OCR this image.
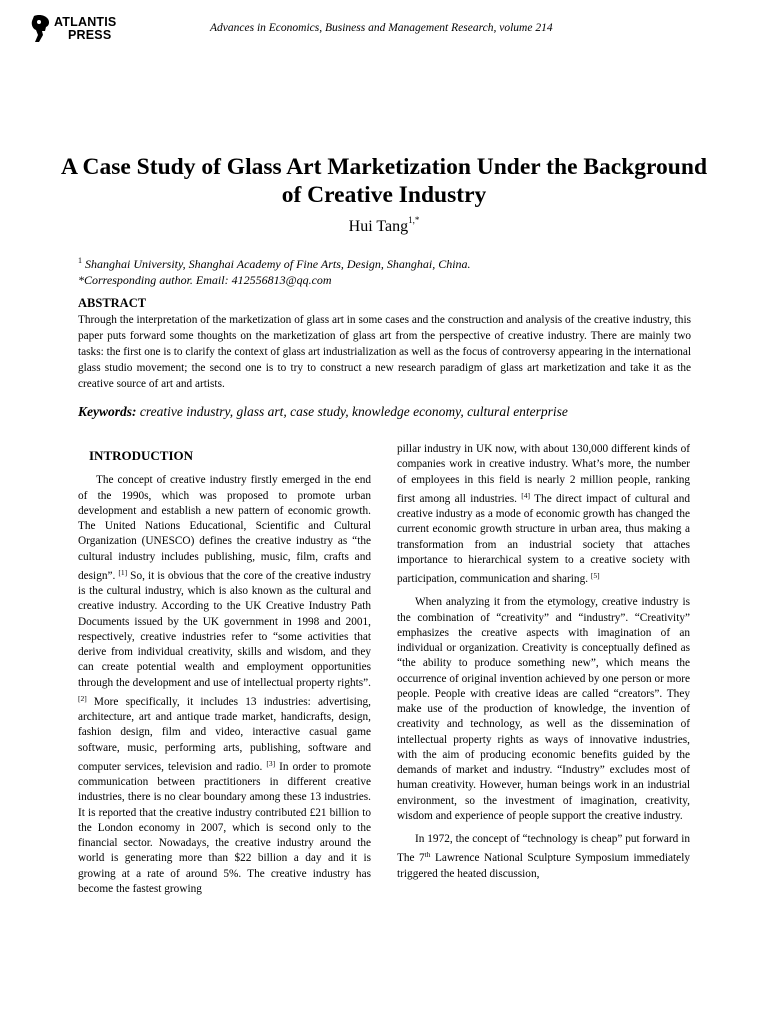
ATLANTIS
PRESS	Advances in Economics, Business and Management Research, volume 214
A Case Study of Glass Art Marketization Under the Background of Creative Industry
Hui Tang$^{1,*}$
$^1$ Shanghai University, Shanghai Academy of Fine Arts, Design, Shanghai, China.
*Corresponding author. Email: 412556813@qq.com
ABSTRACT

Through the interpretation of the marketization of glass art in some cases and the construction and analysis of the creative industry, this paper puts forward some thoughts on the marketization of glass art from the perspective of creative industry. There are mainly two tasks: the first one is to clarify the context of glass art industrialization as well as the focus of controversy appearing in the international glass studio movement; the second one is to try to construct a new research paradigm of glass art marketization and take it as the creative source of art and artists.

Keywords: creative industry, glass art, case study, knowledge economy, cultural enterprise
INTRODUCTION

The concept of creative industry firstly emerged in the end of the 1990s, which was proposed to promote urban development and establish a new pattern of economic growth. The United Nations Educational, Scientific and Cultural Organization (UNESCO) defines the creative industry as “the cultural industry includes publishing, music, film, crafts and design”. [1] So, it is obvious that the core of the creative industry is the cultural industry, which is also known as the cultural and creative industry. According to the UK Creative Industry Path Documents issued by the UK government in 1998 and 2001, respectively, creative industries refer to “some activities that derive from individual creativity, skills and wisdom, and they can create potential wealth and employment opportunities through the development and use of intellectual property rights”. [2] More specifically, it includes 13 industries: advertising, architecture, art and antique trade market, handicrafts, design, fashion design, film and video, interactive casual game software, music, performing arts, publishing, software and computer services, television and radio. [3] In order to promote communication between practitioners in different creative industries, there is no clear boundary among these 13 industries. It is reported that the creative industry contributed £21 billion to the London economy in 2007, which is second only to the financial sector. Nowadays, the creative industry around the world is generating more than $22 billion a day and it is growing at a rate of around 5%. The creative industry has become the fastest growing

pillar industry in UK now, with about 130,000 different kinds of companies work in creative industry. What’s more, the number of employees in this field is nearly 2 million people, ranking first among all industries. [4] The direct impact of cultural and creative industry as a mode of economic growth has changed the current economic growth structure in urban area, thus making a transformation from an industrial society that attaches importance to hierarchical system to a creative society with participation, communication and sharing. [5]

When analyzing it from the etymology, creative industry is the combination of “creativity” and “industry”. “Creativity” emphasizes the creative aspects with imagination of an individual or organization. Creativity is conceptually defined as “the ability to produce something new”, which means the occurrence of original invention achieved by one person or more people. People with creative ideas are called “creators”. They make use of the production of knowledge, the invention of creativity and technology, as well as the dissemination of intellectual property rights as ways of innovative industries, with the aim of producing economic benefits guided by the demands of market and industry. “Industry” excludes most of human creativity. However, human beings work in an industrial environment, so the investment of imagination, creativity, wisdom and experience of people support the creative industry.

In 1972, the concept of “technology is cheap” put forward in The 7th Lawrence National Sculpture Symposium immediately triggered the heated discussion,
